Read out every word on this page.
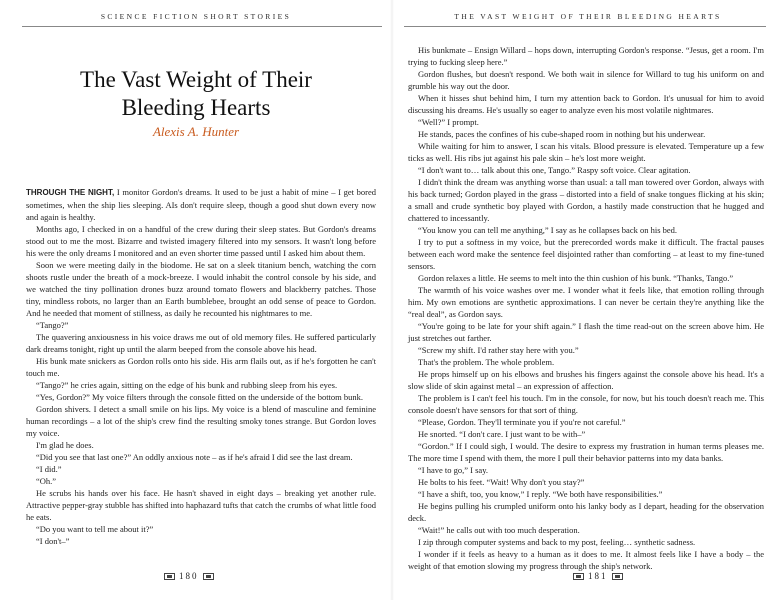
SCIENCE FICTION SHORT STORIES
The Vast Weight of Their
Bleeding Hearts
Alexis A. Hunter

THROUGH THE NIGHT, I monitor Gordon's dreams. It used to be just a habit of mine – I get bored sometimes, when the ship lies sleeping. AIs don't require sleep, though a good shut down every now and again is healthy.

Months ago, I checked in on a handful of the crew during their sleep states. But Gordon's dreams stood out to me the most. Bizarre and twisted imagery filtered into my sensors. It wasn't long before his were the only dreams I monitored and an even shorter time passed until I asked him about them.

Soon we were meeting daily in the biodome. He sat on a sleek titanium bench, watching the corn shoots rustle under the breath of a mock-breeze. I would inhabit the control console by his side, and we watched the tiny pollination drones buzz around tomato flowers and blackberry patches. Those tiny, mindless robots, no larger than an Earth bumblebee, brought an odd sense of peace to Gordon. And he needed that moment of stillness, as daily he recounted his nightmares to me.

“Tango?”

The quavering anxiousness in his voice draws me out of old memory files. He suffered particularly dark dreams tonight, right up until the alarm beeped from the console above his head.

His bunk mate snickers as Gordon rolls onto his side. His arm flails out, as if he's forgotten he can't touch me.

“Tango?” he cries again, sitting on the edge of his bunk and rubbing sleep from his eyes.

“Yes, Gordon?” My voice filters through the console fitted on the underside of the bottom bunk.

Gordon shivers. I detect a small smile on his lips. My voice is a blend of masculine and feminine human recordings – a lot of the ship's crew find the resulting smoky tones strange. But Gordon loves my voice.

I'm glad he does.

“Did you see that last one?” An oddly anxious note – as if he's afraid I did see the last dream.

“I did.”

“Oh.”

He scrubs his hands over his face. He hasn't shaved in eight days – breaking yet another rule. Attractive pepper-gray stubble has shifted into haphazard tufts that catch the crumbs of what little food he eats.

“Do you want to tell me about it?”

“I don't–”

180
THE VAST WEIGHT OF THEIR BLEEDING HEARTS

His bunkmate – Ensign Willard – hops down, interrupting Gordon's response. “Jesus, get a room. I'm trying to fucking sleep here.”

Gordon flushes, but doesn't respond. We both wait in silence for Willard to tug his uniform on and grumble his way out the door.

When it hisses shut behind him, I turn my attention back to Gordon. It's unusual for him to avoid discussing his dreams. He's usually so eager to analyze even his most volatile nightmares.

“Well?” I prompt.

He stands, paces the confines of his cube-shaped room in nothing but his underwear.

While waiting for him to answer, I scan his vitals. Blood pressure is elevated. Temperature up a few ticks as well. His ribs jut against his pale skin – he's lost more weight.

“I don't want to… talk about this one, Tango.” Raspy soft voice. Clear agitation.

I didn't think the dream was anything worse than usual: a tall man towered over Gordon, always with his back turned; Gordon played in the grass – distorted into a field of snake tongues flicking at his skin; a small and crude synthetic boy played with Gordon, a hastily made construction that he hugged and chattered to incessantly.

“You know you can tell me anything,” I say as he collapses back on his bed.

I try to put a softness in my voice, but the prerecorded words make it difficult. The fractal pauses between each word make the sentence feel disjointed rather than comforting – at least to my fine-tuned sensors.

Gordon relaxes a little. He seems to melt into the thin cushion of his bunk. “Thanks, Tango.”

The warmth of his voice washes over me. I wonder what it feels like, that emotion rolling through him. My own emotions are synthetic approximations. I can never be certain they're anything like the “real deal”, as Gordon says.

“You're going to be late for your shift again.” I flash the time read-out on the screen above him. He just stretches out farther.

“Screw my shift. I'd rather stay here with you.”

That's the problem. The whole problem.

He props himself up on his elbows and brushes his fingers against the console above his head. It's a slow slide of skin against metal – an expression of affection.

The problem is I can't feel his touch. I'm in the console, for now, but his touch doesn't reach me. This console doesn't have sensors for that sort of thing.

“Please, Gordon. They'll terminate you if you're not careful.”

He snorted. “I don't care. I just want to be with–”

“Gordon.” If I could sigh, I would. The desire to express my frustration in human terms pleases me. The more time I spend with them, the more I pull their behavior patterns into my data banks.

“I have to go,” I say.

He bolts to his feet. “Wait! Why don't you stay?”

“I have a shift, too, you know,” I reply. “We both have responsibilities.”

He begins pulling his crumpled uniform onto his lanky body as I depart, heading for the observation deck.

“Wait!” he calls out with too much desperation.

I zip through computer systems and back to my post, feeling… synthetic sadness.

I wonder if it feels as heavy to a human as it does to me. It almost feels like I have a body – the weight of that emotion slowing my progress through the ship's network.

181
